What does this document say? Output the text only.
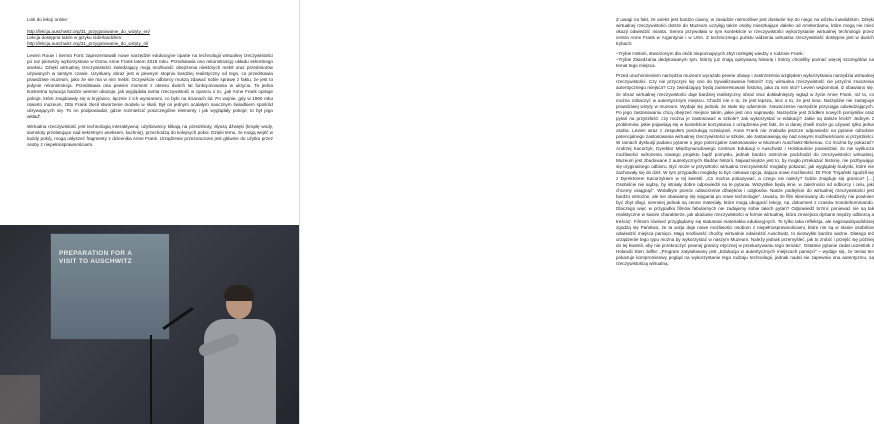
Link do lekcji online:

http://lekcja.auschwitz.org/31_przygotowanie_do_wizyty_en/

Lekcja dostępna także w języku niderlandzkim:

http://lekcja.auschwitz.org/31_przygotowanie_do_wizyty_nl/

Levien Rouw i Semra Foric zaprezentowali nowe narzędzie edukacyjne oparte na technologii wirtualnej rzeczywistości po raz pierwszy wykorzystane w Domu Anne Frank latem 2018 roku. Przedstawia ono rekonstrukcję układu sekretnego aneksu. Dzięki wirtualnej rzeczywistości zwiedzający mają możliwość obejrzenia niektórych mebli oraz przedmiotów używanych w tamtym czasie. Uzyskany obraz jest w pewnym stopniu bardziej realistyczny od tego, co przedstawia prawdziwe muzeum, jako że nie ma w nim mebli. Oczywiście odbiorcy muszą zdawać sobie sprawę z faktu, że jest to jedynie rekonstrukcja. Przedstawia ona pewien moment z okresu dwóch lat funkcjonowania w ukryciu. Ta jedna konkretna sytuacja bardzo wiernie ukazuje, jak wyglądała tamta rzeczywistość w oparciu o to, „jak Anne Frank opisuje pokoje, które znajdowały się w kryjówce, łącznie z ich wymiarami, co było na ścianach itd. Po wojnie, gdy w 1960 roku otwarto muzeum, Otto Frank zlecił stworzenie modelu w skali. Był on jednym ocalałym naocznym świadkiem spośród ukrywających się. To on podpowiadał, gdzie rozmieścić poszczególne elementy i jak wyglądały pokoje; to był jego wkład”.

Wirtualna rzeczywistość jest technologią interaktywną: użytkownicy klikają na przedmioty, słyszą dźwięki (kroplę wody, samoloty przelatujące nad sekretnym aneksem, kuchnię), przechodzą do kolejnych pokoi. Dzięki temu, że mogą wejść w każdy pokój, mogą usłyszeć fragmenty z dziennika Anne Frank. Urządzenie przeznaczone jest głównie do użytku przez osoby z niepełnosprawnościami.

PREPARATION FOR A VISIT TO AUSCHWITZ

Z uwagi na fakt, że aneks jest bardzo ciasny, w zasadzie niemożliwe jest dostanie się do niego na wózku inwalidzkim. Dzięki wirtualnej rzeczywistości dotrze do Muzeum uczyłąg także osoby mieszkające daleko od Amsterdamu, które mogą nie mieć okazji odwiedzić miasta. Semra przywołała w tym kontekście w rzeczywistości wykorzystanie wirtualnej technologii przez centra Anne Frank w Argentynie i w USA. Z technicznego punktu widzenia wirtualna rzeczywistość dostępna jest w dwóch trybach:

–Trybie Historii, stworzonym dla osób niepoznających zbyt rozległej wiedzy o rodzinie Frank.

–Trybie Zwiedzania dedykowanym tym, którzy już znają opisywaną historię i którzy chcieliby poznać więcej szczegółów na temat tego miejsca.

Przed uruchomieniem narzędzia muzeum wyrażało pewne obawy i zastrzeżenia względem wykorzystania narzędzia wirtualnej rzeczywistości. Czy nie przyczyni się ono do trywializowania historii? Czy wirtualna rzeczywistość nie przyćmi znaczenia autentycznego miejsca? Czy zwiedzający będą zainteresowani historią, jaka za nim stoi? Levien wspomniał, iż obawiano się, że obraz wirtualnej rzeczywistości daje bardziej realistyczny obraz oraz dokładniejszy wgląd w życie Anne Frank, niż to, co można zobaczyć w autentycznym miejscu. Chodzi nie o to, że jest lepsza, lecz o to, że jest inna. Narzędzie nie zastępuje prawdziwej wizyty w muzeum. Wydaje się jednak, że stało się odwrotnie. Nowoczesne narzędzie przyciąga odwiedzających. Po jego zastosowaniu chcą obejrzeć miejsce takim, jakie jest ono naprawdę. Narzędzie jest źródłem nowych pomysłów oraz pytań na przyszłość: czy można je zastosować w szkole? Jak wykorzystać w edukacji? Jakie są dalsze kroki? Jednym z problemów, jakie pojawiają się w kontekście korzystania z urządzenia jest fakt, że w danej chwili może go używać tylko jedna osoba. Levien wraz z zespołem poszukują rozwiązań. Anne Frank nie znalazła jeszcze odpowiedzi na pytanie odnośnie potencjalnego zastosowania wirtualnej rzeczywistości w szkole, ale zastanawiają się nad nowymi możliwościami w przyszłości. W ramach dyskusji padano pytanie o jego potencjalne zastosowanie w Muzeum Auschwitz-Birkenau. Co można by pokazać? Andrzej Kacorzyk, Dyrektor Międzynarodowego Centrum Edukacji o Auschwitz i Holokauście powiedział, że nie wyklucza możliwości wdrożenia nowego projektu bądź pomysłu, jednak bardzo ostrożnie podchodzi do rzeczywistości wirtualnej. Muzeum jest zbudowane z autentycznych śladów historii. Najważniejsze jest to, by mogło przekazać historię, nie pozbywając się oryginalnego odbioru. Być może w przyszłości wirtualna rzeczywistość mogłaby pokazać, jak wyglądały budynki, które nie zachowały się do dziś. W tym przypadku mogłaby to być ciekawa opcja, dająca nowe możliwości. Dr Piotr Trojański zgodził się z Dyrektorem Kacorzykiem w tej kwestii: „Co można pokazywać, a czego nie należy? Gdzie znajduje się granica? […] Osobiście nie sądzę, by istniały dobre odpowiedzi na te pytania. Wszystkie będą inne, w zależności od odbiorcy i celu, jaki chcemy osiągnąć”. Wolałbym pomóc odtworzenie dźwięków i odgłosów. Nasze podejście do wirtualnej rzeczywistości jest bardzo ostrożne, ale nie obawiamy się sięgania po nowe technologie”. Uważa, że film skierowany do młodzieży nie powinien być zbyt długi, niemniej jednak są cenne materiały, które mogą ubogacić lekcję, np. dokument z czasów Sonderkommando. Dlaczego więc w przypadku filmów fabularnych nie zadajemy sobie takich pytań? Odpowiedź brzmi: ponieważ nie są tak realistyczne w swoim charakterze, jak ukazanie rzeczywistości w formie wirtualnej, która zmniejsza dystans między odbiorcą a treścią”. Filmom również przyglądamy się statusowi materiałów edukacyjnych. To tylko taka refleksja, ale najprawdopodobniej zgodzą się Państwo, że ta wizja daje nowe możliwości osobom z niepełnosprawnościami, które nie są w stanie osobiście odwiedzić miejsca pamięci. Mają możliwość choćby wirtualnie odwiedzić Auschwitz, to niezwykle bardzo ważne. Dlatego też urządzenie tego typu można by wykorzystać w naszym Muzeum. Należy jednak przemyśleć, jak to zrobić i przejść się później do tej kwestii, aby nie przekroczyć pewnej granicy etycznej w przekazywaniu tego tematu”. Ostatnie pytanie zadał uczestnik z Holandii Sten Jaffer: „Program zatytułowany jest „Edukacja w autentycznych miejscach pamięci” – wydaje się, że temat ten pokazuje kompromisowy pogląd na wykorzystanie tego rodzaju technologii, jednak nadal nie zapewnia ona autentyzmu, są rzeczywistością wirtualną.
